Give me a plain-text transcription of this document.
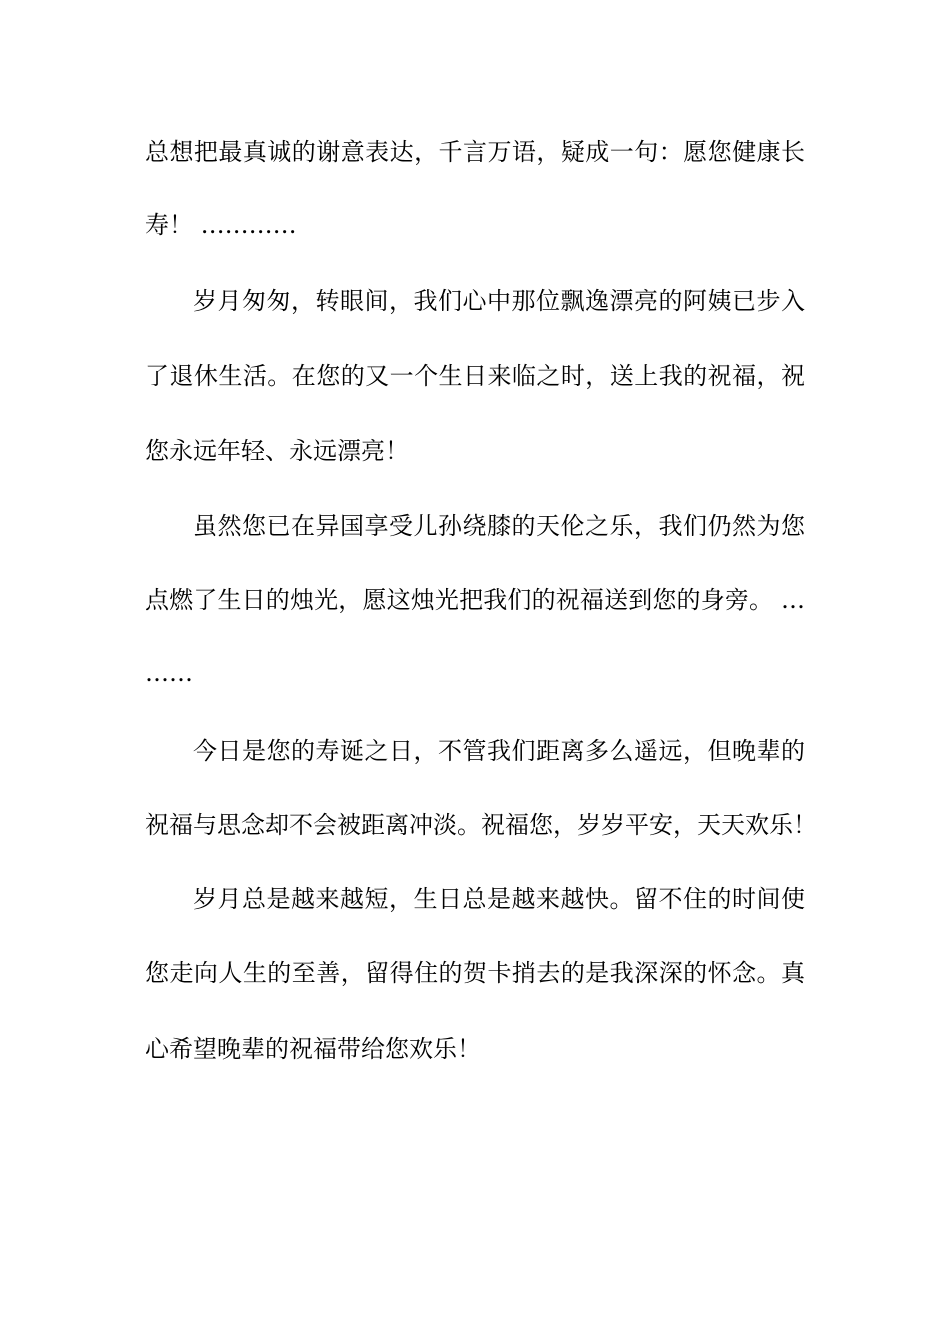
总想把最真诚的谢意表达，千言万语，疑成一句：愿您健康长
寿！ …………
岁月匆匆，转眼间，我们心中那位飘逸漂亮的阿姨已步入
了退休生活。在您的又一个生日来临之时，送上我的祝福，祝
您永远年轻、永远漂亮！
虽然您已在异国享受儿孙绕膝的天伦之乐，我们仍然为您
点燃了生日的烛光，愿这烛光把我们的祝福送到您的身旁。 …
……
今日是您的寿诞之日，不管我们距离多么遥远，但晚辈的
祝福与思念却不会被距离冲淡。祝福您，岁岁平安，天天欢乐！
岁月总是越来越短，生日总是越来越快。留不住的时间使
您走向人生的至善，留得住的贺卡捎去的是我深深的怀念。真
心希望晚辈的祝福带给您欢乐！
